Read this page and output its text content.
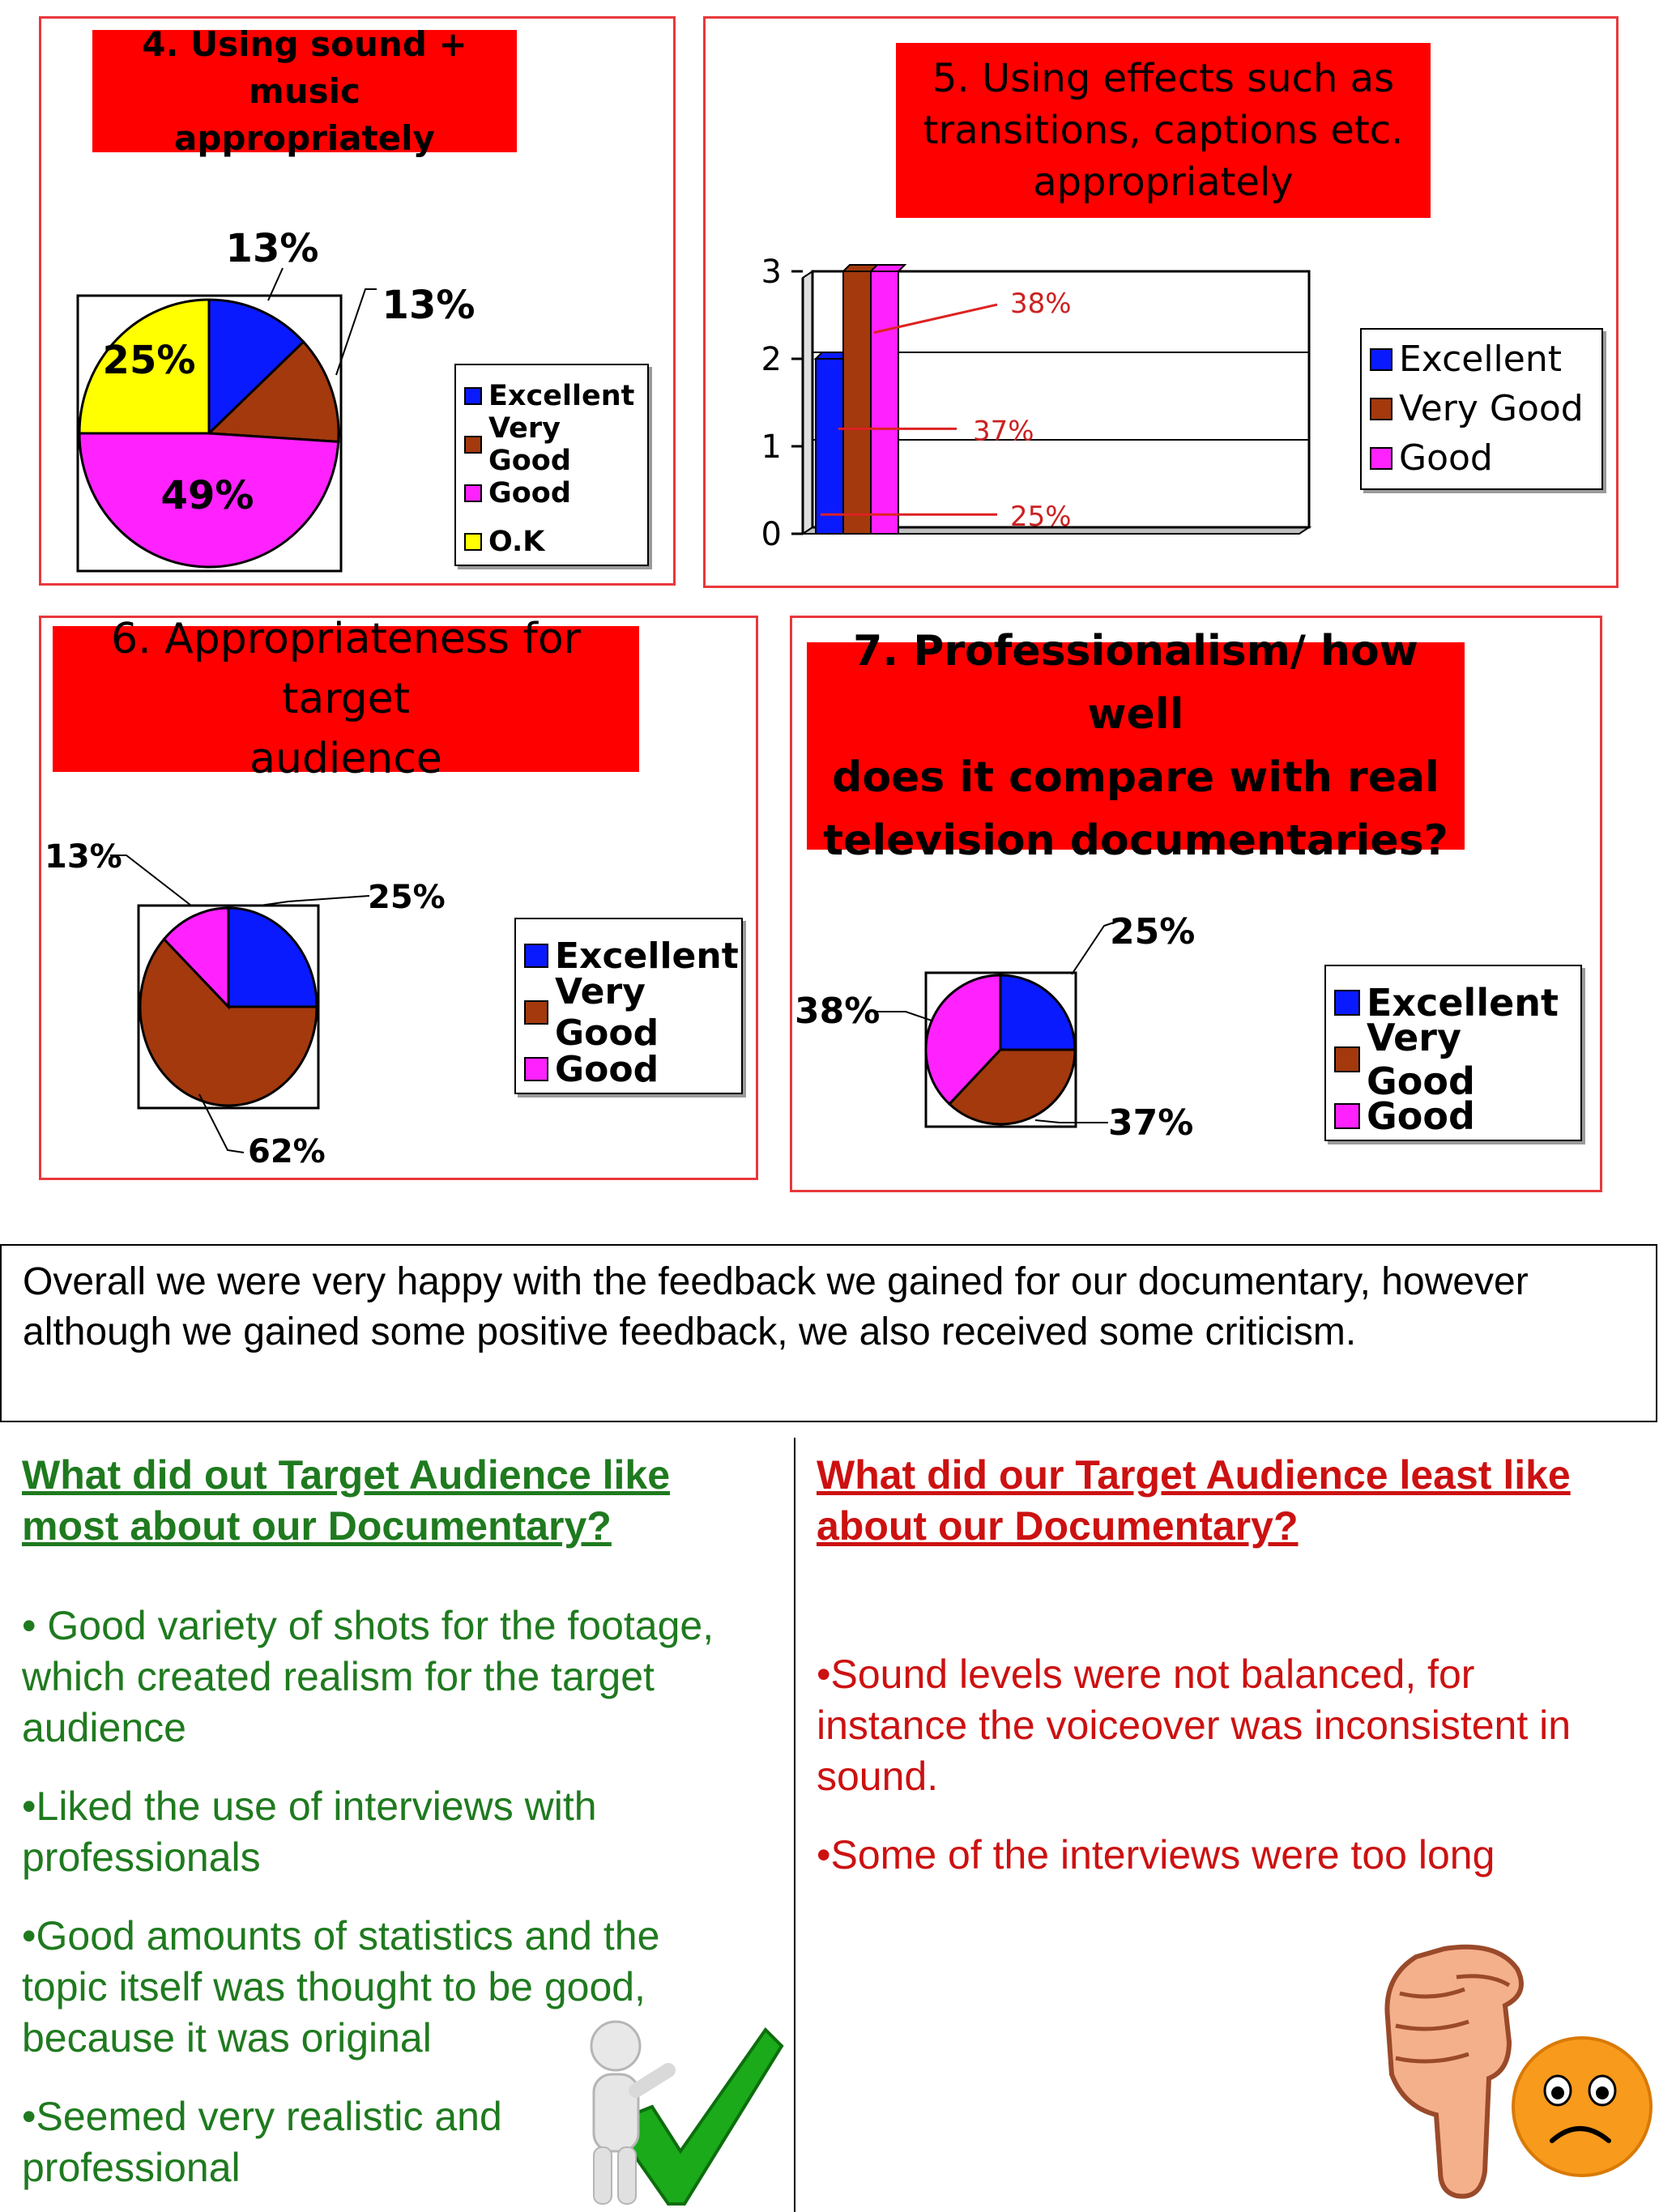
4. Using sound + music
appropriately
13%
13%
49%
25%
Excellent
Very Good
Good
O.K
5. Using effects such as
transitions, captions etc.
appropriately
0
1
2
3
38%
37%
25%
Excellent
Very Good
Good
6. Appropriateness for target
audience
25%
62%
13%
Excellent
Very Good
Good
7. Professionalism/ how well
does it compare with real
television documentaries?
25%
37%
38%	Excellent
Very Good
Good
Overall we were very happy with the feedback we gained for our documentary, however although we gained some positive feedback, we also received some criticism.
What did out Target Audience like
most about our Documentary?
• Good variety of shots for the footage,
which created realism for the target
audience
•Liked the use of interviews with
professionals
•Good amounts of statistics and the
topic itself was thought to be good,
because it was original
•Seemed very realistic and
professional
What did our Target Audience least like
about our Documentary?
•Sound levels were not balanced, for
instance the voiceover was inconsistent in
sound.
•Some of the interviews were too long
